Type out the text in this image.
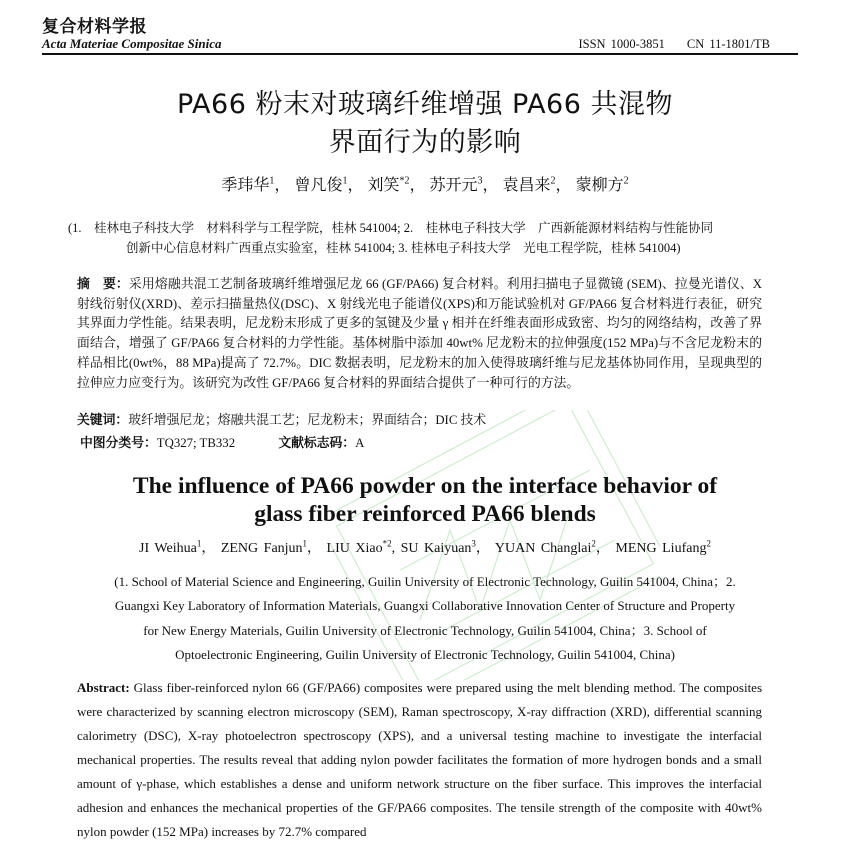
复合材料学报
Acta Materiae Compositae Sinica	ISSN 1000-3851 CN 11-1801/TB
PA66 粉末对玻璃纤维增强 PA66 共混物
界面行为的影响
季玮华$^1$， 曾凡俊$^1$， 刘笑$^{*2}$， 苏开元$^3$， 袁昌来$^2$， 蒙柳方$^2$
(1.　桂林电子科技大学　材料科学与工程学院，桂林 541004; 2.　桂林电子科技大学　广西新能源材料结构与性能协同
创新中心信息材料广西重点实验室，桂林 541004; 3. 桂林电子科技大学　光电工程学院，桂林 541004)
摘　要：采用熔融共混工艺制备玻璃纤维增强尼龙 66 (GF/PA66) 复合材料。利用扫描电子显微镜 (SEM)、拉曼光谱仪、X 射线衍射仪(XRD)、差示扫描量热仪(DSC)、X 射线光电子能谱仪(XPS)和万能试验机对 GF/PA66 复合材料进行表征，研究其界面力学性能。结果表明，尼龙粉末形成了更多的氢键及少量 γ 相并在纤维表面形成致密、均匀的网络结构，改善了界面结合，增强了 GF/PA66 复合材料的力学性能。基体树脂中添加 40wt% 尼龙粉末的拉伸强度(152 MPa)与不含尼龙粉末的样品相比(0wt%，88 MPa)提高了 72.7%。DIC 数据表明，尼龙粉末的加入使得玻璃纤维与尼龙基体协同作用，呈现典型的拉伸应力应变行为。该研究为改性 GF/PA66 复合材料的界面结合提供了一种可行的方法。
关键词：玻纤增强尼龙；熔融共混工艺；尼龙粉末；界面结合；DIC 技术
中图分类号：TQ327; TB332	文献标志码：A
The influence of PA66 powder on the interface behavior of
glass fiber reinforced PA66 blends
JI Weihua$^1$， ZENG Fanjun$^1$， LIU Xiao$^{*2}$, SU Kaiyuan$^3$， YUAN Changlai$^2$， MENG Liufang$^2$
(1. School of Material Science and Engineering, Guilin University of Electronic Technology, Guilin 541004, China；2.
Guangxi Key Laboratory of Information Materials, Guangxi Collaborative Innovation Center of Structure and Property
for New Energy Materials, Guilin University of Electronic Technology, Guilin 541004, China；3. School of
Optoelectronic Engineering, Guilin University of Electronic Technology, Guilin 541004, China)
Abstract: Glass fiber-reinforced nylon 66 (GF/PA66) composites were prepared using the melt blending method. The composites were characterized by scanning electron microscopy (SEM), Raman spectroscopy, X-ray diffraction (XRD), differential scanning calorimetry (DSC), X-ray photoelectron spectroscopy (XPS), and a universal testing machine to investigate the interfacial mechanical properties. The results reveal that adding nylon powder facilitates the formation of more hydrogen bonds and a small amount of γ-phase, which establishes a dense and uniform network structure on the fiber surface. This improves the interfacial adhesion and enhances the mechanical properties of the GF/PA66 composites. The tensile strength of the composite with 40wt% nylon powder (152 MPa) increases by 72.7% compared
